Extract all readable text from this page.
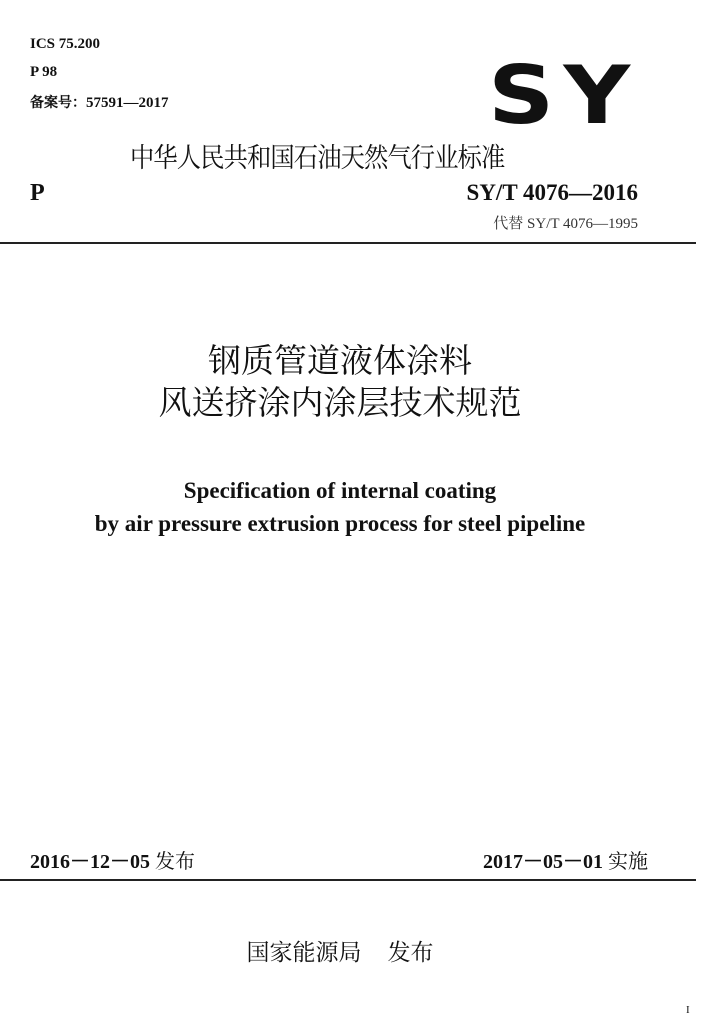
ICS 75.200
P 98
备案号：57591—2017	SY
中华人民共和国石油天然气行业标准
P	SY/T 4076—2016
代替 SY/T 4076—1995
钢质管道液体涂料
风送挤涂内涂层技术规范
Specification of internal coating
by air pressure extrusion process for steel pipeline
2016－12－05 发布	2017－05－01 实施
国家能源局 发布
I
